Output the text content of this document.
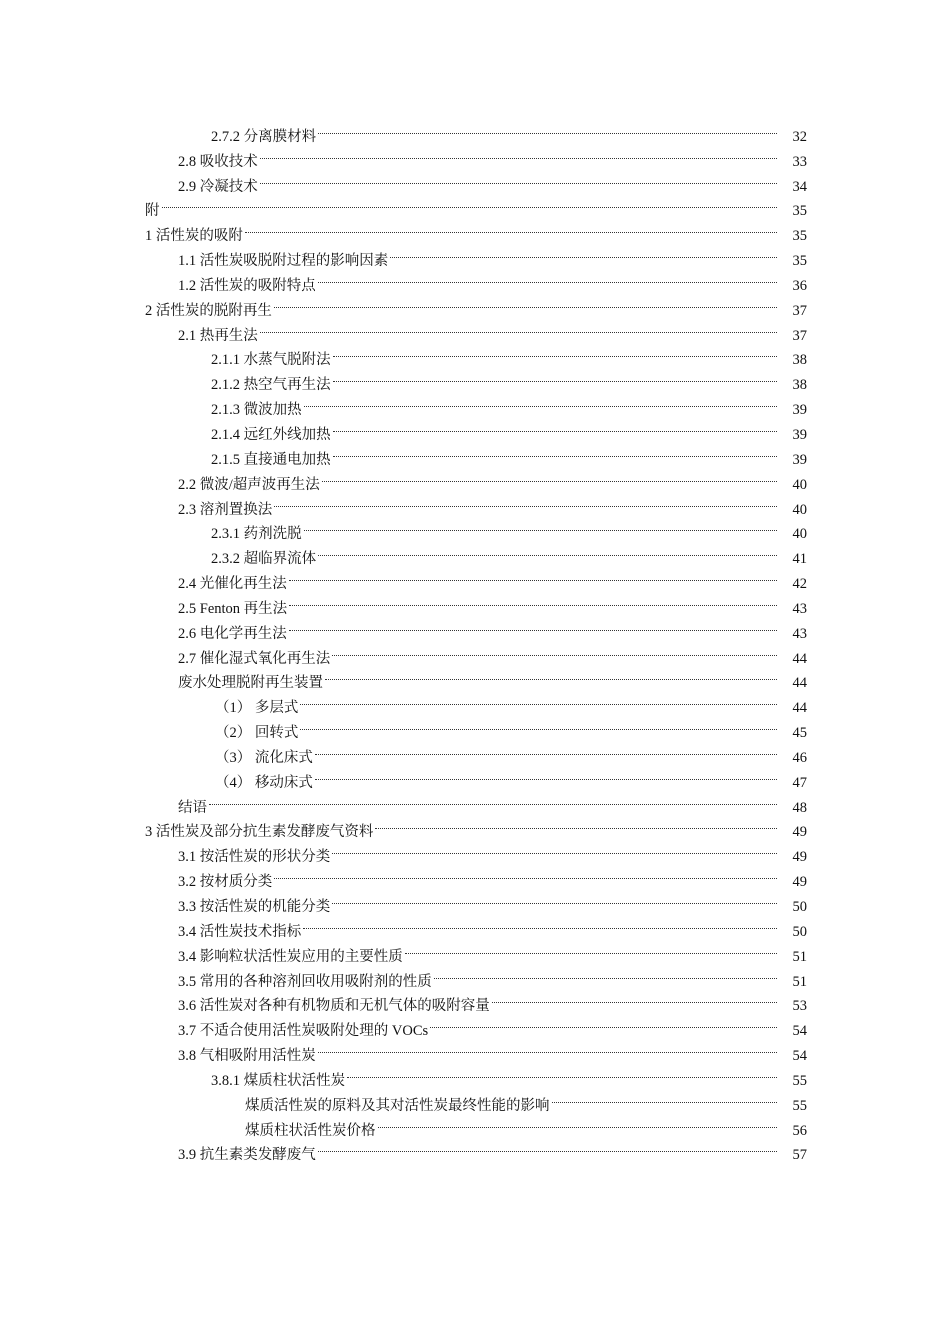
2.7.2 分离膜材料	32
2.8 吸收技术	33
2.9 冷凝技术	34
附	35
1 活性炭的吸附	35
1.1 活性炭吸脱附过程的影响因素	35
1.2 活性炭的吸附特点	36
2 活性炭的脱附再生	37
2.1 热再生法	37
2.1.1 水蒸气脱附法	38
2.1.2 热空气再生法	38
2.1.3 微波加热	39
2.1.4 远红外线加热	39
2.1.5 直接通电加热	39
2.2 微波/超声波再生法	40
2.3 溶剂置换法	40
2.3.1 药剂洗脱	40
2.3.2 超临界流体	41
2.4 光催化再生法	42
2.5 Fenton 再生法	43
2.6 电化学再生法	43
2.7 催化湿式氧化再生法	44
废水处理脱附再生装置	44
（1） 多层式	44
（2） 回转式	45
（3） 流化床式	46
（4） 移动床式	47
结语	48
3 活性炭及部分抗生素发酵废气资料	49
3.1 按活性炭的形状分类	49
3.2 按材质分类	49
3.3 按活性炭的机能分类	50
3.4 活性炭技术指标	50
3.4 影响粒状活性炭应用的主要性质	51
3.5 常用的各种溶剂回收用吸附剂的性质	51
3.6 活性炭对各种有机物质和无机气体的吸附容量	53
3.7 不适合使用活性炭吸附处理的 VOCs	54
3.8 气相吸附用活性炭	54
3.8.1 煤质柱状活性炭	55
煤质活性炭的原料及其对活性炭最终性能的影响	55
煤质柱状活性炭价格	56
3.9 抗生素类发酵废气	57
